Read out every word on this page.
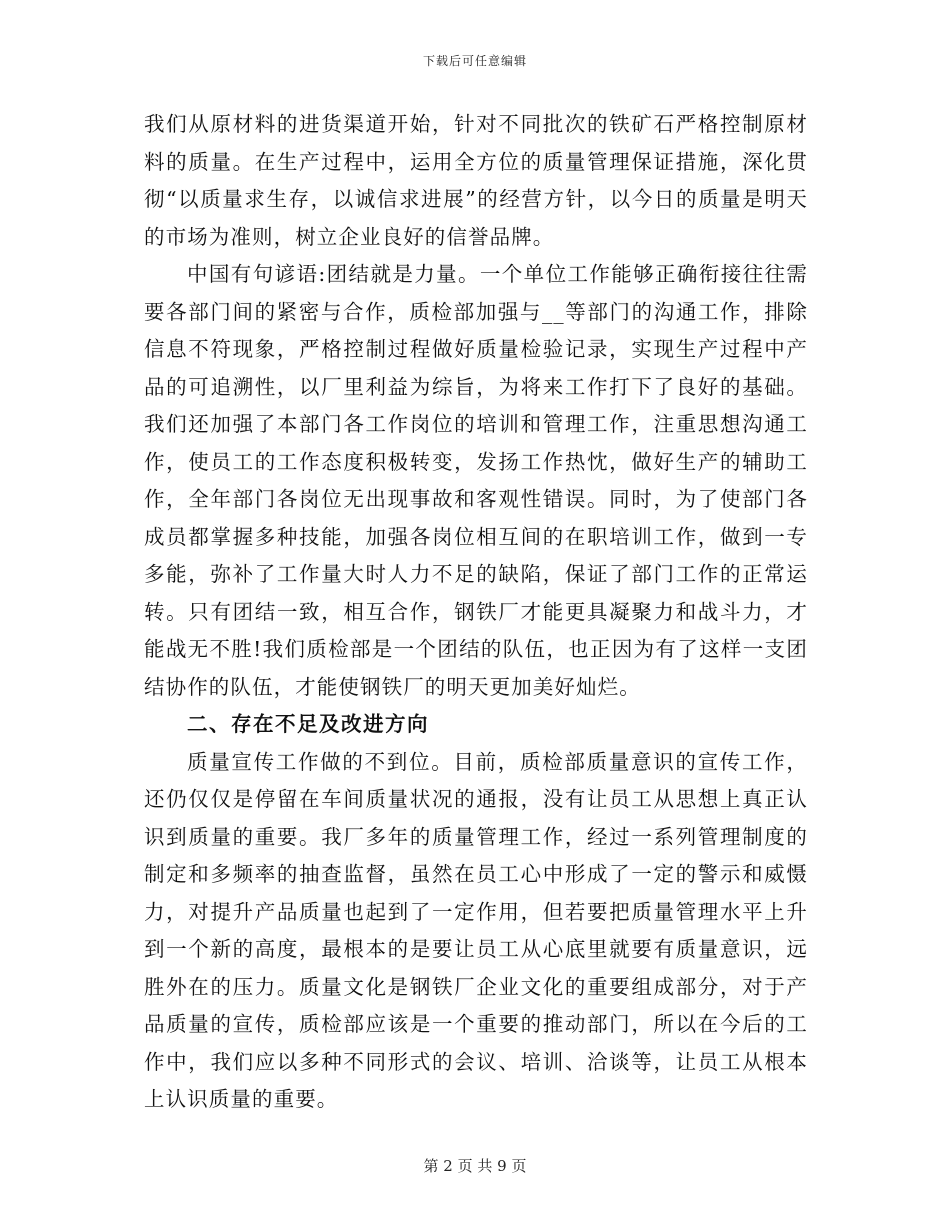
下载后可任意编辑

我们从原材料的进货渠道开始，针对不同批次的铁矿石严格控制原材料的质量。在生产过程中，运用全方位的质量管理保证措施，深化贯彻“以质量求生存，以诚信求进展”的经营方针，以今日的质量是明天的市场为准则，树立企业良好的信誉品牌。

中国有句谚语:团结就是力量。一个单位工作能够正确衔接往往需要各部门间的紧密与合作，质检部加强与__等部门的沟通工作，排除信息不符现象，严格控制过程做好质量检验记录，实现生产过程中产品的可追溯性，以厂里利益为综旨，为将来工作打下了良好的基础。我们还加强了本部门各工作岗位的培训和管理工作，注重思想沟通工作，使员工的工作态度积极转变，发扬工作热忱，做好生产的辅助工作，全年部门各岗位无出现事故和客观性错误。同时，为了使部门各成员都掌握多种技能，加强各岗位相互间的在职培训工作，做到一专多能，弥补了工作量大时人力不足的缺陷，保证了部门工作的正常运转。只有团结一致，相互合作，钢铁厂才能更具凝聚力和战斗力，才能战无不胜!我们质检部是一个团结的队伍，也正因为有了这样一支团结协作的队伍，才能使钢铁厂的明天更加美好灿烂。

二、存在不足及改进方向

质量宣传工作做的不到位。目前，质检部质量意识的宣传工作，还仍仅仅是停留在车间质量状况的通报，没有让员工从思想上真正认识到质量的重要。我厂多年的质量管理工作，经过一系列管理制度的制定和多频率的抽查监督，虽然在员工心中形成了一定的警示和威慑力，对提升产品质量也起到了一定作用，但若要把质量管理水平上升到一个新的高度，最根本的是要让员工从心底里就要有质量意识，远胜外在的压力。质量文化是钢铁厂企业文化的重要组成部分，对于产品质量的宣传，质检部应该是一个重要的推动部门，所以在今后的工作中，我们应以多种不同形式的会议、培训、洽谈等，让员工从根本上认识质量的重要。

第 2 页 共 9 页
